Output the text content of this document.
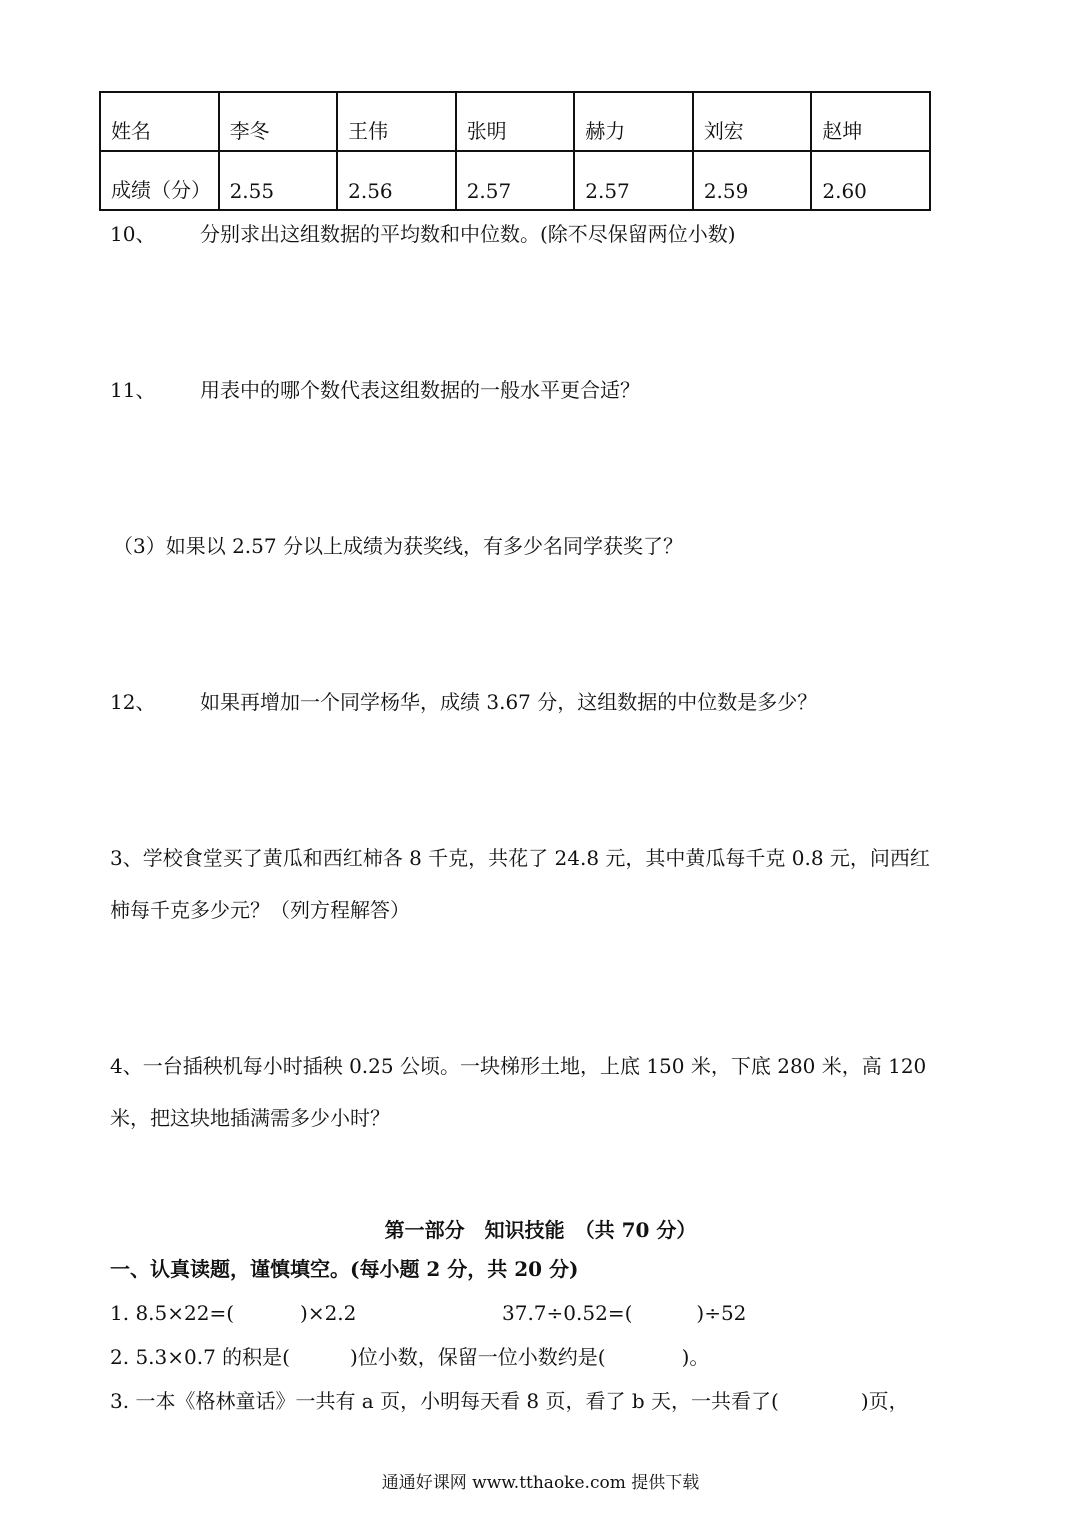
姓名	李冬	王伟	张明	赫力	刘宏	赵坤
成绩（分）	2.55	2.56	2.57	2.57	2.59	2.60
10、 分别求出这组数据的平均数和中位数。(除不尽保留两位小数)
11、 用表中的哪个数代表这组数据的一般水平更合适？
（3）如果以 2.57 分以上成绩为获奖线，有多少名同学获奖了？
12、 如果再增加一个同学杨华，成绩 3.67 分，这组数据的中位数是多少？
3、学校食堂买了黄瓜和西红柿各 8 千克，共花了 24.8 元，其中黄瓜每千克 0.8 元，问西红
柿每千克多少元？（列方程解答）
4、一台插秧机每小时插秧 0.25 公顷。一块梯形土地，上底 150 米，下底 280 米，高 120
米，把这块地插满需多少小时？
第一部分　知识技能　（共 70 分）
一、认真读题，谨慎填空。(每小题 2 分，共 20 分)
1. 8.5×22=(	)×2.2	37.7÷0.52=(	)÷52
2. 5.3×0.7 的积是(	)位小数，保留一位小数约是(	)。
3. 一本《格林童话》一共有 a 页，小明每天看 8 页，看了 b 天，一共看了(	)页，
通通好课网 www.tthaoke.com 提供下载
